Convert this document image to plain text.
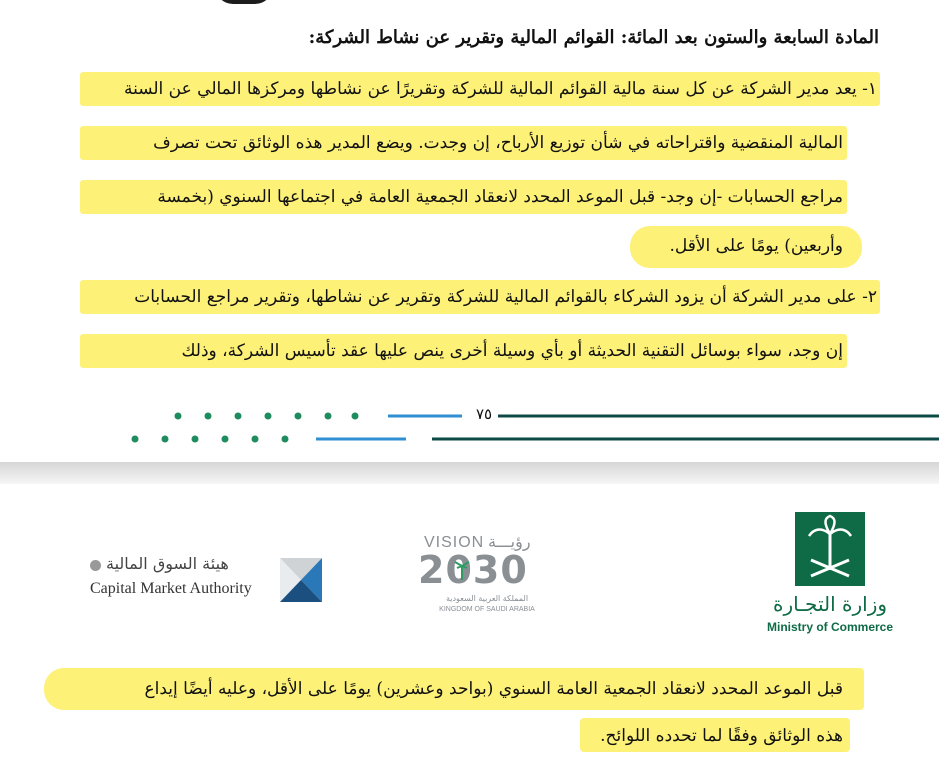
المادة السابعة والستون بعد المائة: القوائم المالية وتقرير عن نشاط الشركة:
١- يعد مدير الشركة عن كل سنة مالية القوائم المالية للشركة وتقريرًا عن نشاطها ومركزها المالي عن السنة
المالية المنقضية واقتراحاته في شأن توزيع الأرباح، إن وجدت. ويضع المدير هذه الوثائق تحت تصرف
مراجع الحسابات -إن وجد- قبل الموعد المحدد لانعقاد الجمعية العامة في اجتماعها السنوي (بخمسة
وأربعين) يومًا على الأقل.
٢- على مدير الشركة أن يزود الشركاء بالقوائم المالية للشركة وتقرير عن نشاطها، وتقرير مراجع الحسابات
إن وجد، سواء بوسائل التقنية الحديثة أو بأي وسيلة أخرى ينص عليها عقد تأسيس الشركة، وذلك
٧٥
هيئة السوق المالية
Capital Market Authority
VISION رؤيـــة
2030
المملكة العربية السعودية
KINGDOM OF SAUDI ARABIA	وزارة التجـارة
Ministry of Commerce
قبل الموعد المحدد لانعقاد الجمعية العامة السنوي (بواحد وعشرين) يومًا على الأقل، وعليه أيضًا إيداع
هذه الوثائق وفقًا لما تحدده اللوائح.
